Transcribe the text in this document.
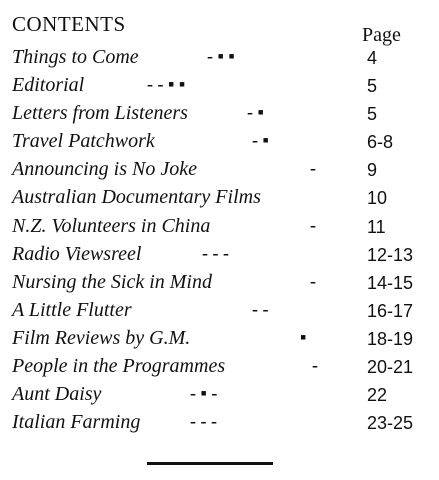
CONTENTS	Page
Things to Come	- ▪ ▪	4
Editorial	- - ▪ ▪	5
Letters from Listeners	- ▪	5
Travel Patchwork	- ▪	6-8
Announcing is No Joke	-	9
Australian Documentary Films	10
N.Z. Volunteers in China	-	11
Radio Viewsreel	- - -	12-13
Nursing the Sick in Mind	-	14-15
A Little Flutter	- -	16-17
Film Reviews by G.M.	▪	18-19
People in the Programmes	-	20-21
Aunt Daisy	- ▪ -	22
Italian Farming	- - -	23-25
